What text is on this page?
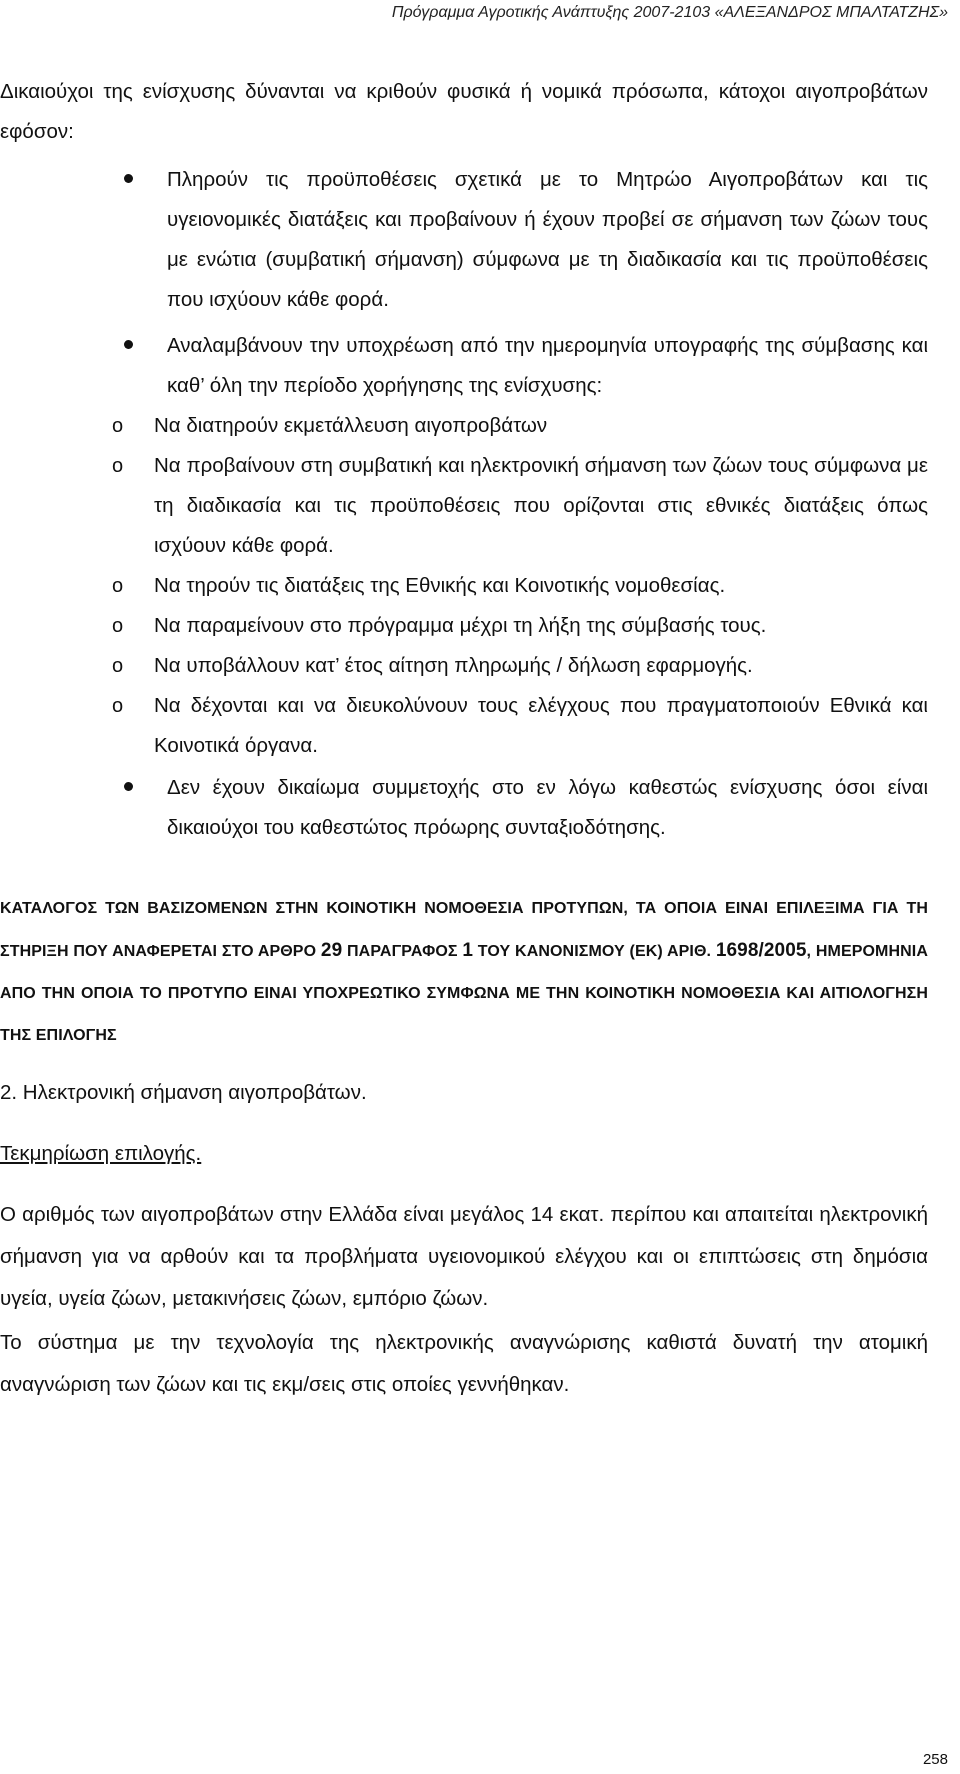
Πρόγραμμα Αγροτικής Ανάπτυξης 2007-2103 «ΑΛΕΞΑΝΔΡΟΣ ΜΠΑΛΤΑΤΖΗΣ»

Δικαιούχοι της ενίσχυσης δύνανται να κριθούν φυσικά ή νομικά πρόσωπα, κάτοχοι αιγοπροβάτων εφόσον:

Πληρούν τις προϋποθέσεις σχετικά με το Μητρώο Αιγοπροβάτων και τις υγειονομικές διατάξεις και προβαίνουν ή έχουν προβεί σε σήμανση των ζώων τους με ενώτια (συμβατική σήμανση) σύμφωνα με τη διαδικασία και τις προϋποθέσεις που ισχύουν κάθε φορά.

Αναλαμβάνουν την υποχρέωση από την ημερομηνία υπογραφής της σύμβασης και καθ’ όλη την περίοδο χορήγησης της ενίσχυσης:

o Να διατηρούν εκμετάλλευση αιγοπροβάτων

o Να προβαίνουν στη συμβατική και ηλεκτρονική σήμανση των ζώων τους σύμφωνα με τη διαδικασία και τις προϋποθέσεις που ορίζονται στις εθνικές διατάξεις όπως ισχύουν κάθε φορά.

o Να τηρούν τις διατάξεις της Εθνικής και Κοινοτικής νομοθεσίας.

o Να παραμείνουν στο πρόγραμμα μέχρι τη λήξη της σύμβασής τους.

o Να υποβάλλουν κατ’ έτος αίτηση πληρωμής / δήλωση εφαρμογής.

o Να δέχονται και να διευκολύνουν τους ελέγχους που πραγματοποιούν Εθνικά και Κοινοτικά όργανα.

Δεν έχουν δικαίωμα συμμετοχής στο εν λόγω καθεστώς ενίσχυσης όσοι είναι δικαιούχοι του καθεστώτος πρόωρης συνταξιοδότησης.

ΚΑΤΑΛΟΓΟΣ ΤΩΝ ΒΑΣΙΖΟΜΕΝΩΝ ΣΤΗΝ ΚΟΙΝΟΤΙΚΗ ΝΟΜΟΘΕΣΙΑ ΠΡΟΤΥΠΩΝ, ΤΑ ΟΠΟΙΑ ΕΙΝΑΙ ΕΠΙΛΕΞΙΜΑ ΓΙΑ ΤΗ ΣΤΗΡΙΞΗ ΠΟΥ ΑΝΑΦΕΡΕΤΑΙ ΣΤΟ ΑΡΘΡΟ 29 ΠΑΡΑΓΡΑΦΟΣ 1 ΤΟΥ ΚΑΝΟΝΙΣΜΟΥ (ΕΚ) ΑΡΙΘ. 1698/2005, ΗΜΕΡΟΜΗΝΙΑ ΑΠΟ ΤΗΝ ΟΠΟΙΑ ΤΟ ΠΡΟΤΥΠΟ ΕΙΝΑΙ ΥΠΟΧΡΕΩΤΙΚΟ ΣΥΜΦΩΝΑ ΜΕ ΤΗΝ ΚΟΙΝΟΤΙΚΗ ΝΟΜΟΘΕΣΙΑ ΚΑΙ ΑΙΤΙΟΛΟΓΗΣΗ ΤΗΣ ΕΠΙΛΟΓΗΣ

2. Ηλεκτρονική σήμανση αιγοπροβάτων.

Τεκμηρίωση επιλογής.

Ο αριθμός των αιγοπροβάτων στην Ελλάδα είναι μεγάλος 14 εκατ. περίπου και απαιτείται ηλεκτρονική σήμανση για να αρθούν και τα προβλήματα υγειονομικού ελέγχου και οι επιπτώσεις στη δημόσια υγεία, υγεία ζώων, μετακινήσεις ζώων, εμπόριο ζώων.

Το σύστημα με την τεχνολογία της ηλεκτρονικής αναγνώρισης καθιστά δυνατή την ατομική αναγνώριση των ζώων και τις εκμ/σεις στις οποίες γεννήθηκαν.

258
